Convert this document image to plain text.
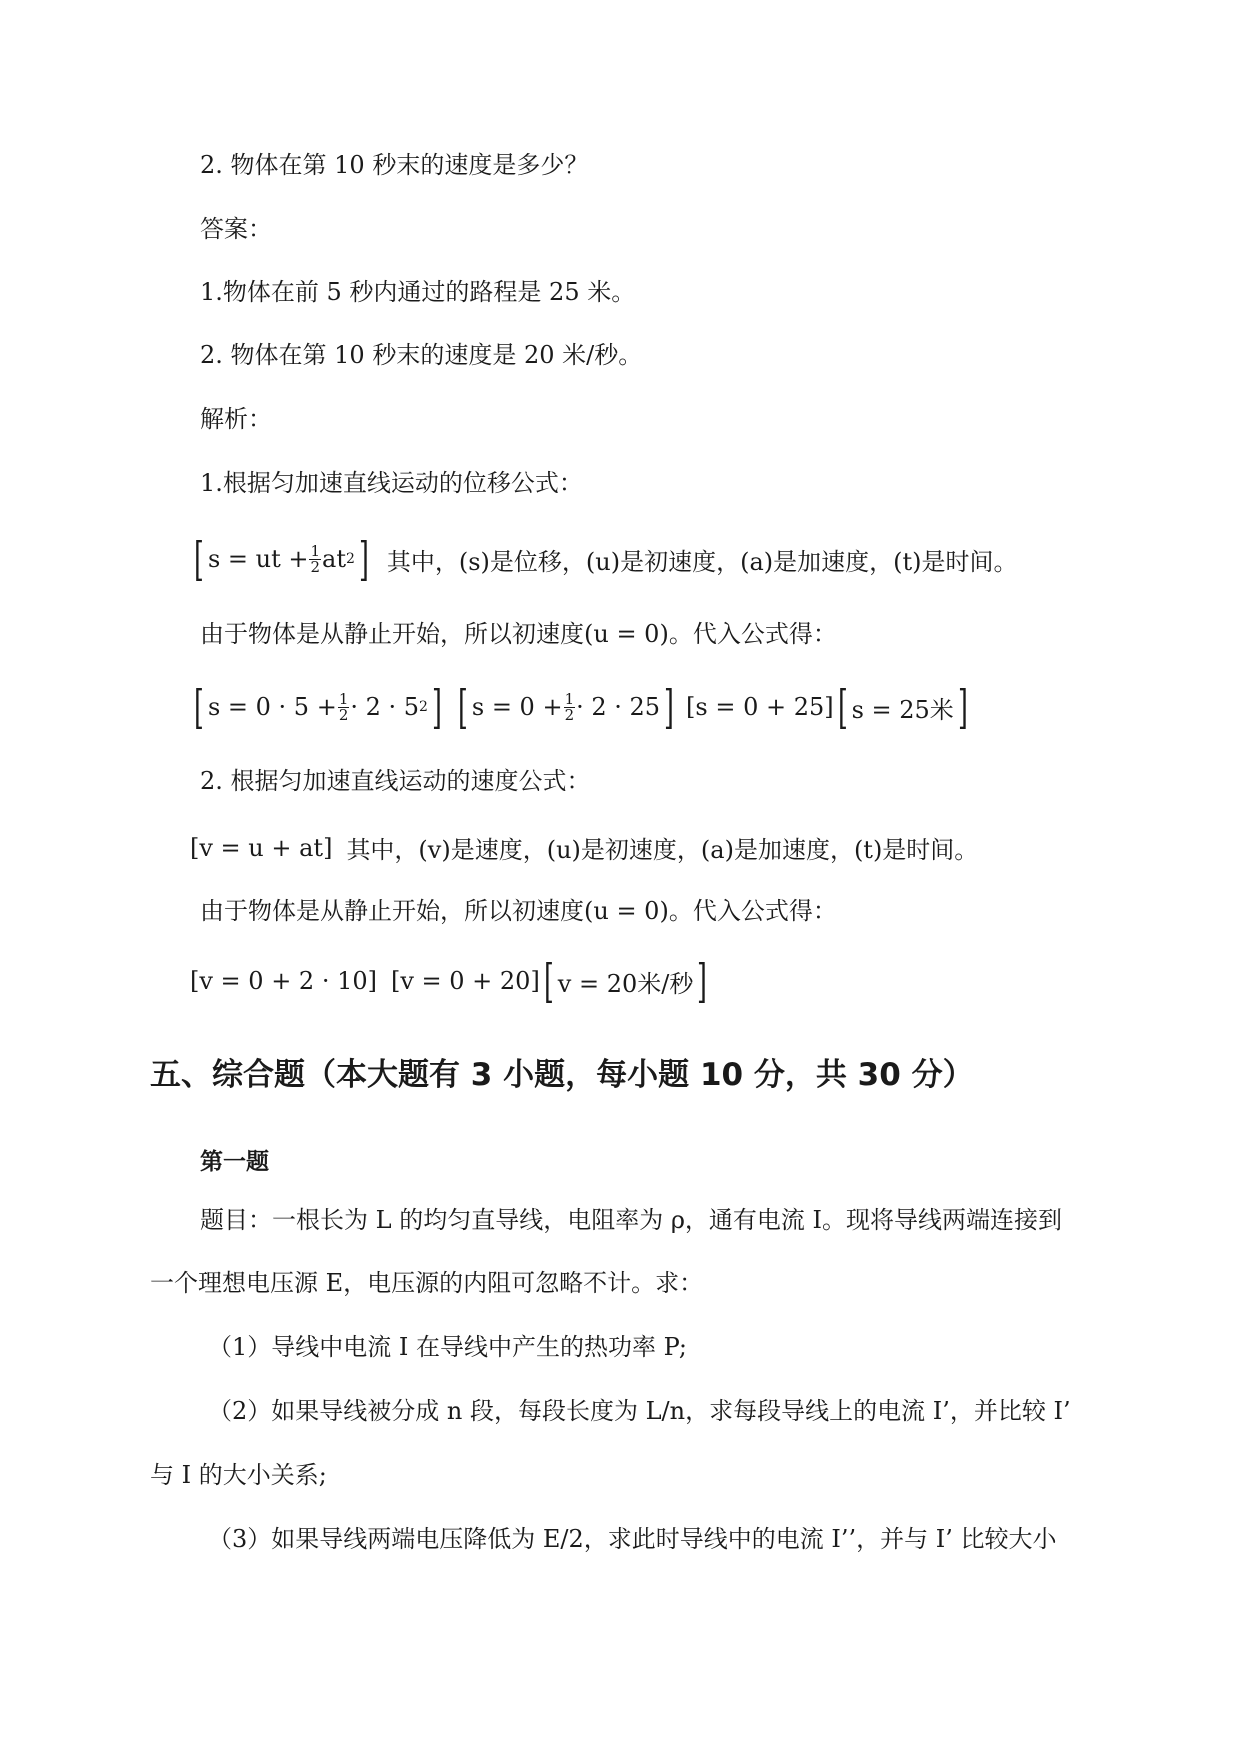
2. 物体在第 10 秒末的速度是多少？
答案：
1.物体在前 5 秒内通过的路程是 25 米。
2. 物体在第 10 秒末的速度是 20 米/秒。
解析：
1.根据匀加速直线运动的位移公式：
[ s = ut + $\frac{1}{2}$ at 2 ] 其中，(s)是位移，(u)是初速度，(a)是加速度，(t)是时间。
由于物体是从静止开始，所以初速度(u = 0)。代入公式得：
[ $s = 0 \cdot 5 + \frac{1}{2} \cdot 2 \cdot 5$ 2 ] [ $s = 0 + \frac{1}{2} \cdot 2 \cdot 25$ ] [s = 0 + 25] [ s = 25米 ]
2. 根据匀加速直线运动的速度公式：
[v = u + at] 其中，(v)是速度，(u)是初速度，(a)是加速度，(t)是时间。
由于物体是从静止开始，所以初速度(u = 0)。代入公式得：
[v = 0 + 2 · 10] [v = 0 + 20] [ v = 20米/秒 ]
五、综合题（本大题有 3 小题，每小题 10 分，共 30 分）
第一题
题目：一根长为 L 的均匀直导线，电阻率为 ρ，通有电流 I。现将导线两端连接到
一个理想电压源 E，电压源的内阻可忽略不计。求：
（1）导线中电流 I 在导线中产生的热功率 P;
（2）如果导线被分成 n 段，每段长度为 L/n，求每段导线上的电流 I’，并比较 I’
与 I 的大小关系;
（3）如果导线两端电压降低为 E/2，求此时导线中的电流 I’’，并与 I’ 比较大小
